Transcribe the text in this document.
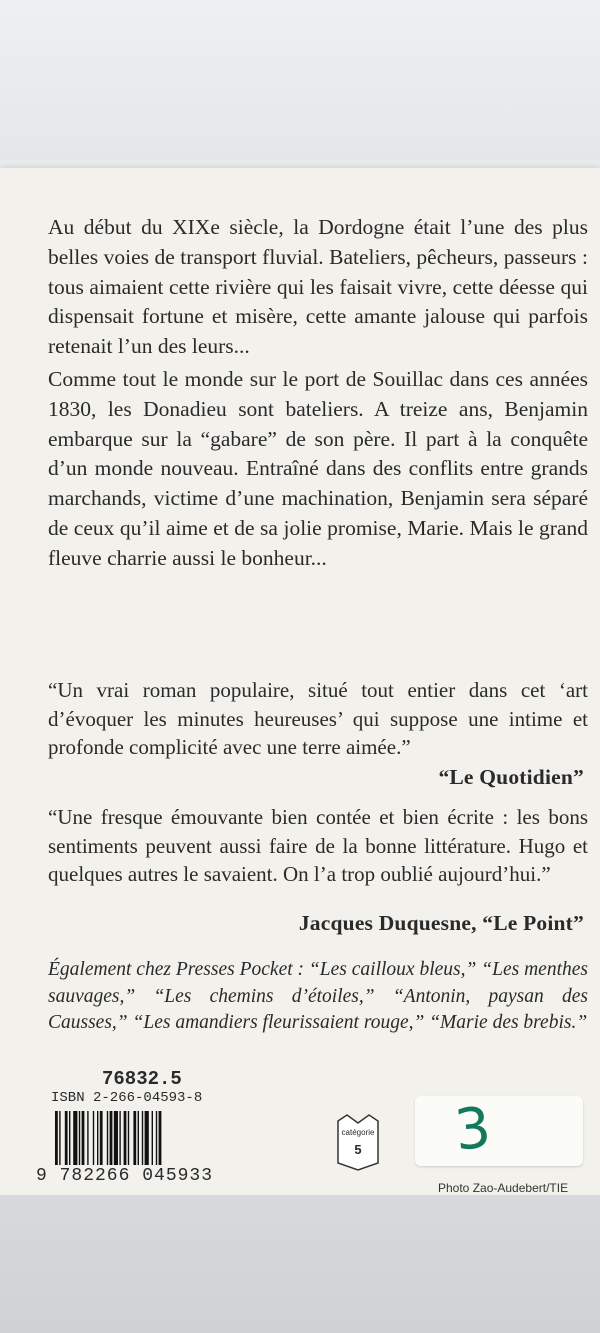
Au début du XIXe siècle, la Dordogne était l’une des plus belles voies de transport fluvial. Bateliers, pêcheurs, passeurs : tous aimaient cette rivière qui les faisait vivre, cette déesse qui dispensait fortune et misère, cette amante jalouse qui parfois retenait l’un des leurs...
Comme tout le monde sur le port de Souillac dans ces années 1830, les Donadieu sont bateliers. A treize ans, Benjamin embarque sur la “gabare” de son père. Il part à la conquête d’un monde nouveau. Entraîné dans des conflits entre grands marchands, victime d’une machination, Benjamin sera séparé de ceux qu’il aime et de sa jolie promise, Marie. Mais le grand fleuve charrie aussi le bonheur...
“Un vrai roman populaire, situé tout entier dans cet ‘art d’évoquer les minutes heureuses’ qui suppose une intime et profonde complicité avec une terre aimée.”
“Le Quotidien”
“Une fresque émouvante bien contée et bien écrite : les bons sentiments peuvent aussi faire de la bonne littérature. Hugo et quelques autres le savaient. On l’a trop oublié aujourd’hui.”
Jacques Duquesne, “Le Point”
Également chez Presses Pocket : “Les cailloux bleus,” “Les menthes sauvages,” “Les chemins d’étoiles,” “Antonin, paysan des Causses,” “Les amandiers fleurissaient rouge,” “Marie des brebis.”
76832.5
ISBN 2-266-04593-8
9 782266 045933
catégorie
5	3
Photo Zao-Audebert/TIE
